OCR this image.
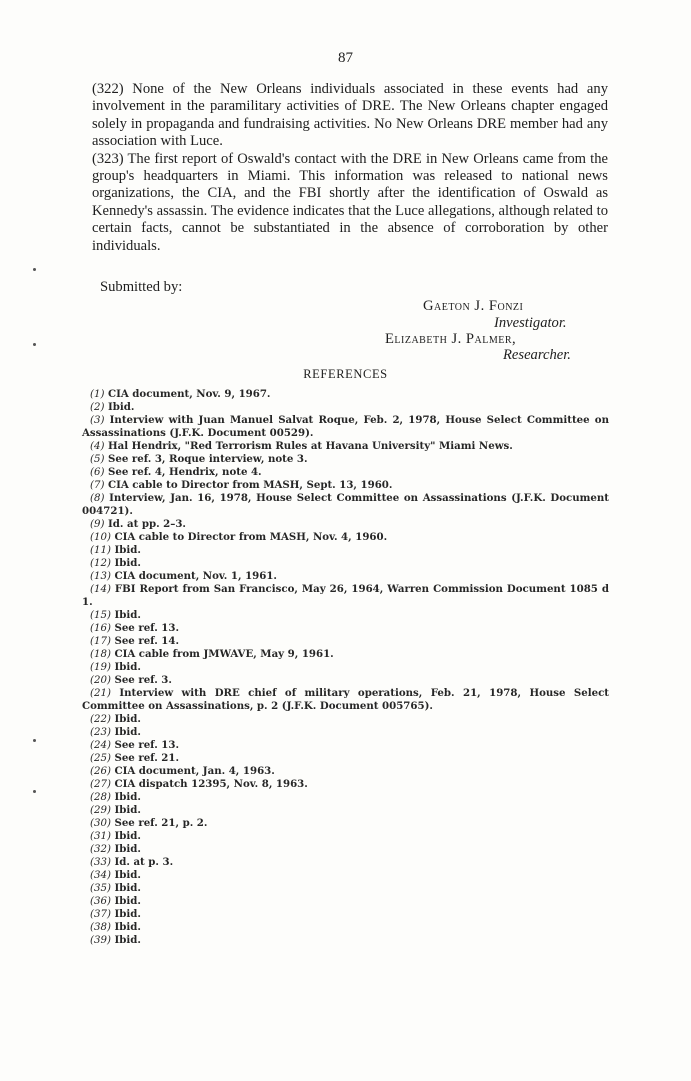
87

(322) None of the New Orleans individuals associated in these events had any involvement in the paramilitary activities of DRE. The New Orleans chapter engaged solely in propaganda and fundraising activities. No New Orleans DRE member had any association with Luce.

(323) The first report of Oswald's contact with the DRE in New Orleans came from the group's headquarters in Miami. This information was released to national news organizations, the CIA, and the FBI shortly after the identification of Oswald as Kennedy's assassin. The evidence indicates that the Luce allegations, although related to certain facts, cannot be substantiated in the absence of corroboration by other individuals.

Submitted by:

Gaeton J. Fonzi
Investigator.
Elizabeth J. Palmer,
Researcher.

REFERENCES

(1) CIA document, Nov. 9, 1967.
(2) Ibid.
(3) Interview with Juan Manuel Salvat Roque, Feb. 2, 1978, House Select Committee on Assassinations (J.F.K. Document 00529).
(4) Hal Hendrix, "Red Terrorism Rules at Havana University" Miami News.
(5) See ref. 3, Roque interview, note 3.
(6) See ref. 4, Hendrix, note 4.
(7) CIA cable to Director from MASH, Sept. 13, 1960.
(8) Interview, Jan. 16, 1978, House Select Committee on Assassinations (J.F.K. Document 004721).
(9) Id. at pp. 2–3.
(10) CIA cable to Director from MASH, Nov. 4, 1960.
(11) Ibid.
(12) Ibid.
(13) CIA document, Nov. 1, 1961.
(14) FBI Report from San Francisco, May 26, 1964, Warren Commission Document 1085 d 1.
(15) Ibid.
(16) See ref. 13.
(17) See ref. 14.
(18) CIA cable from JMWAVE, May 9, 1961.
(19) Ibid.
(20) See ref. 3.
(21) Interview with DRE chief of military operations, Feb. 21, 1978, House Select Committee on Assassinations, p. 2 (J.F.K. Document 005765).
(22) Ibid.
(23) Ibid.
(24) See ref. 13.
(25) See ref. 21.
(26) CIA document, Jan. 4, 1963.
(27) CIA dispatch 12395, Nov. 8, 1963.
(28) Ibid.
(29) Ibid.
(30) See ref. 21, p. 2.
(31) Ibid.
(32) Ibid.
(33) Id. at p. 3.
(34) Ibid.
(35) Ibid.
(36) Ibid.
(37) Ibid.
(38) Ibid.
(39) Ibid.
